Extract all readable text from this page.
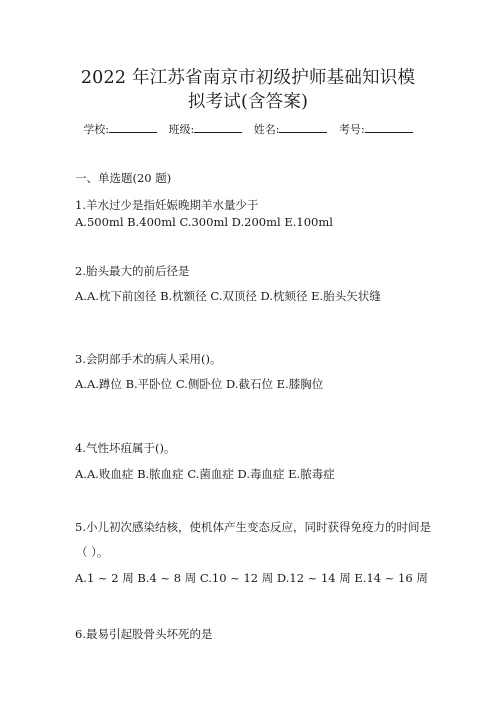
2022 年江苏省南京市初级护师基础知识模
拟考试(含答案)
学校:	班级:	姓名:	考号:
一、单选题(20 题)
1.羊水过少是指妊娠晚期羊水量少于
A.500ml B.400ml C.300ml D.200ml E.100ml
2.胎头最大的前后径是
A.A.枕下前囟径 B.枕额径 C.双顶径 D.枕颏径 E.胎头矢状缝
3.会阴部手术的病人采用()。
A.A.蹲位 B.平卧位 C.侧卧位 D.截石位 E.膝胸位
4.气性坏疽属于()。
A.A.败血症 B.脓血症 C.菌血症 D.毒血症 E.脓毒症
5.小儿初次感染结核，使机体产生变态反应，同时获得免疫力的时间是
（ ）。
A.1 ~ 2 周 B.4 ~ 8 周 C.10 ~ 12 周 D.12 ~ 14 周 E.14 ~ 16 周
6.最易引起股骨头坏死的是
